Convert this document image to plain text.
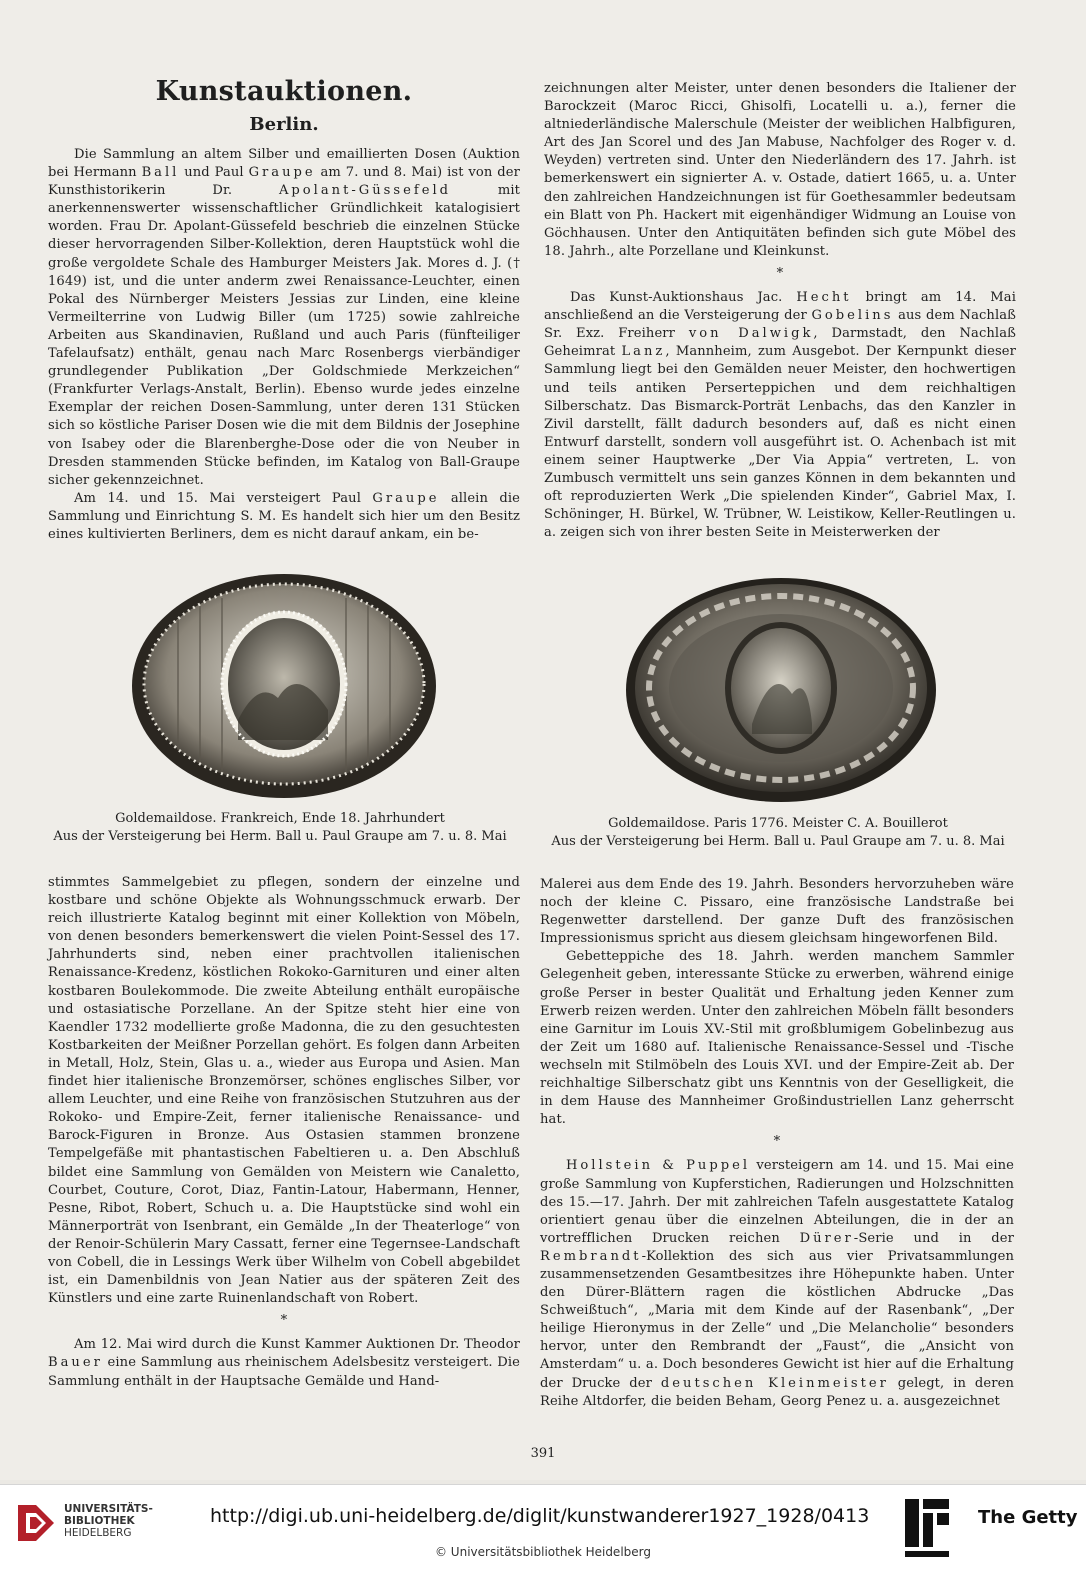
Kunstauktionen.
Berlin.

Die Sammlung an altem Silber und emaillierten Dosen (Auktion bei Hermann Ball und Paul Graupe am 7. und 8. Mai) ist von der Kunsthistorikerin Dr. Apolant-Güssefeld mit anerkennenswerter wissenschaftlicher Gründlichkeit katalogisiert worden. Frau Dr. Apolant-Güssefeld beschrieb die einzelnen Stücke dieser hervorragenden Silber-Kollektion, deren Hauptstück wohl die große vergoldete Schale des Hamburger Meisters Jak. Mores d. J. († 1649) ist, und die unter anderm zwei Renaissance-Leuchter, einen Pokal des Nürnberger Meisters Jessias zur Linden, eine kleine Vermeilterrine von Ludwig Biller (um 1725) sowie zahlreiche Arbeiten aus Skandinavien, Rußland und auch Paris (fünfteiliger Tafelaufsatz) enthält, genau nach Marc Rosenbergs vierbändiger grundlegender Publikation „Der Goldschmiede Merkzeichen“ (Frankfurter Verlags-Anstalt, Berlin). Ebenso wurde jedes einzelne Exemplar der reichen Dosen-Sammlung, unter deren 131 Stücken sich so köstliche Pariser Dosen wie die mit dem Bildnis der Josephine von Isabey oder die Blarenberghe-Dose oder die von Neuber in Dresden stammenden Stücke befinden, im Katalog von Ball-Graupe sicher gekennzeichnet.

Am 14. und 15. Mai versteigert Paul Graupe allein die Sammlung und Einrichtung S. M. Es handelt sich hier um den Besitz eines kultivierten Berliners, dem es nicht darauf ankam, ein be-

zeichnungen alter Meister, unter denen besonders die Italiener der Barockzeit (Maroc Ricci, Ghisolfi, Locatelli u. a.), ferner die altniederländische Malerschule (Meister der weiblichen Halbfiguren, Art des Jan Scorel und des Jan Mabuse, Nachfolger des Roger v. d. Weyden) vertreten sind. Unter den Niederländern des 17. Jahrh. ist bemerkenswert ein signierter A. v. Ostade, datiert 1665, u. a. Unter den zahlreichen Handzeichnungen ist für Goethesammler bedeutsam ein Blatt von Ph. Hackert mit eigenhändiger Widmung an Louise von Göchhausen. Unter den Antiquitäten befinden sich gute Möbel des 18. Jahrh., alte Porzellane und Kleinkunst.

*

Das Kunst-Auktionshaus Jac. Hecht bringt am 14. Mai anschließend an die Versteigerung der Gobelins aus dem Nachlaß Sr. Exz. Freiherr von Dalwigk, Darmstadt, den Nachlaß Geheimrat Lanz, Mannheim, zum Ausgebot. Der Kernpunkt dieser Sammlung liegt bei den Gemälden neuer Meister, den hochwertigen und teils antiken Perserteppichen und dem reichhaltigen Silberschatz. Das Bismarck-Porträt Lenbachs, das den Kanzler in Zivil darstellt, fällt dadurch besonders auf, daß es nicht einen Entwurf darstellt, sondern voll ausgeführt ist. O. Achenbach ist mit einem seiner Hauptwerke „Der Via Appia“ vertreten, L. von Zumbusch vermittelt uns sein ganzes Können in dem bekannten und oft reproduzierten Werk „Die spielenden Kinder“, Gabriel Max, I. Schöninger, H. Bürkel, W. Trübner, W. Leistikow, Keller-Reutlingen u. a. zeigen sich von ihrer besten Seite in Meisterwerken der

Goldemaildose. Frankreich, Ende 18. Jahrhundert
Aus der Versteigerung bei Herm. Ball u. Paul Graupe am 7. u. 8. Mai
Goldemaildose. Paris 1776. Meister C. A. Bouillerot
Aus der Versteigerung bei Herm. Ball u. Paul Graupe am 7. u. 8. Mai

stimmtes Sammelgebiet zu pflegen, sondern der einzelne und kostbare und schöne Objekte als Wohnungsschmuck erwarb. Der reich illustrierte Katalog beginnt mit einer Kollektion von Möbeln, von denen besonders bemerkenswert die vielen Point-Sessel des 17. Jahrhunderts sind, neben einer prachtvollen italienischen Renaissance-Kredenz, köstlichen Rokoko-Garnituren und einer alten kostbaren Boulekommode. Die zweite Abteilung enthält europäische und ostasiatische Porzellane. An der Spitze steht hier eine von Kaendler 1732 modellierte große Madonna, die zu den gesuchtesten Kostbarkeiten der Meißner Porzellan gehört. Es folgen dann Arbeiten in Metall, Holz, Stein, Glas u. a., wieder aus Europa und Asien. Man findet hier italienische Bronzemörser, schönes englisches Silber, vor allem Leuchter, und eine Reihe von französischen Stutzuhren aus der Rokoko- und Empire-Zeit, ferner italienische Renaissance- und Barock-Figuren in Bronze. Aus Ostasien stammen bronzene Tempelgefäße mit phantastischen Fabeltieren u. a. Den Abschluß bildet eine Sammlung von Gemälden von Meistern wie Canaletto, Courbet, Couture, Corot, Diaz, Fantin-Latour, Habermann, Henner, Pesne, Ribot, Robert, Schuch u. a. Die Hauptstücke sind wohl ein Männerporträt von Isenbrant, ein Gemälde „In der Theaterloge“ von der Renoir-Schülerin Mary Cassatt, ferner eine Tegernsee-Landschaft von Cobell, die in Lessings Werk über Wilhelm von Cobell abgebildet ist, ein Damenbildnis von Jean Natier aus der späteren Zeit des Künstlers und eine zarte Ruinenlandschaft von Robert.

*

Am 12. Mai wird durch die Kunst Kammer Auktionen Dr. Theodor Bauer eine Sammlung aus rheinischem Adelsbesitz versteigert. Die Sammlung enthält in der Hauptsache Gemälde und Hand-

Malerei aus dem Ende des 19. Jahrh. Besonders hervorzuheben wäre noch der kleine C. Pissaro, eine französische Landstraße bei Regenwetter darstellend. Der ganze Duft des französischen Impressionismus spricht aus diesem gleichsam hingeworfenen Bild.

Gebetteppiche des 18. Jahrh. werden manchem Sammler Gelegenheit geben, interessante Stücke zu erwerben, während einige große Perser in bester Qualität und Erhaltung jeden Kenner zum Erwerb reizen werden. Unter den zahlreichen Möbeln fällt besonders eine Garnitur im Louis XV.-Stil mit großblumigem Gobelinbezug aus der Zeit um 1680 auf. Italienische Renaissance-Sessel und -Tische wechseln mit Stilmöbeln des Louis XVI. und der Empire-Zeit ab. Der reichhaltige Silberschatz gibt uns Kenntnis von der Geselligkeit, die in dem Hause des Mannheimer Großindustriellen Lanz geherrscht hat.

*

Hollstein & Puppel versteigern am 14. und 15. Mai eine große Sammlung von Kupferstichen, Radierungen und Holzschnitten des 15.—17. Jahrh. Der mit zahlreichen Tafeln ausgestattete Katalog orientiert genau über die einzelnen Abteilungen, die in der an vortrefflichen Drucken reichen Dürer-Serie und in der Rembrandt-Kollektion des sich aus vier Privatsammlungen zusammensetzenden Gesamtbesitzes ihre Höhepunkte haben. Unter den Dürer-Blättern ragen die köstlichen Abdrucke „Das Schweißtuch“, „Maria mit dem Kinde auf der Rasenbank“, „Der heilige Hieronymus in der Zelle“ und „Die Melancholie“ besonders hervor, unter den Rembrandt der „Faust“, die „Ansicht von Amsterdam“ u. a. Doch besonderes Gewicht ist hier auf die Erhaltung der Drucke der deutschen Kleinmeister gelegt, in deren Reihe Altdorfer, die beiden Beham, Georg Penez u. a. ausgezeichnet

391
UNIVERSITÄTS-
BIBLIOTHEK
HEIDELBERG
http://digi.ub.uni-heidelberg.de/diglit/kunstwanderer1927_1928/0413	The Getty
© Universitätsbibliothek Heidelberg
